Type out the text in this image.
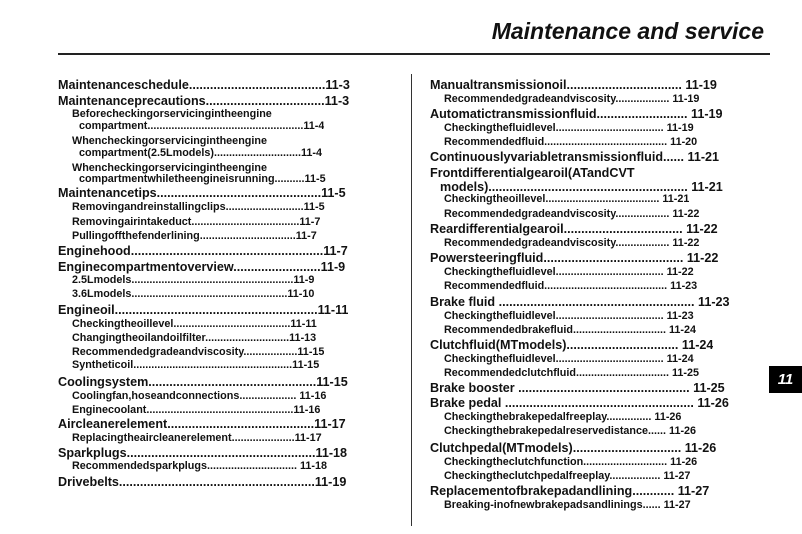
Maintenance and service
11
Maintenanceschedule.......................................11-3
Maintenanceprecautions..................................11-3
Beforecheckingorservicingintheengine
compartment....................................................11-4
Whencheckingorservicingintheengine
compartment(2.5Lmodels).............................11-4
Whencheckingorservicingintheengine
compartmentwhiletheengineisrunning..........11-5
Maintenancetips...............................................11-5
Removingandreinstallingclips..........................11-5
Removingairintakeduct....................................11-7
Pullingoffthefenderlining................................11-7
Enginehood.......................................................11-7
Enginecompartmentoverview.........................11-9
2.5Lmodels......................................................11-9
3.6Lmodels....................................................11-10
Engineoil..........................................................11-11
Checkingtheoillevel.......................................11-11
Changingtheoilandoilfilter............................11-13
Recommendedgradeandviscosity..................11-15
Syntheticoil.....................................................11-15
Coolingsystem................................................11-15
Coolingfan,hoseandconnections................... 11-16
Enginecoolant.................................................11-16
Aircleanerelement..........................................11-17
Replacingtheaircleanerelement.....................11-17
Sparkplugs......................................................11-18
Recommendedsparkplugs.............................. 11-18
Drivebelts........................................................11-19
Manualtransmissionoil................................. 11-19
Recommendedgradeandviscosity.................. 11-19
Automatictransmissionfluid.......................... 11-19
Checkingthefluidlevel.................................... 11-19
Recommendedfluid......................................... 11-20
Continuouslyvariabletransmissionfluid...... 11-21
Frontdifferentialgearoil(ATandCVT
models)......................................................... 11-21
Checkingtheoillevel...................................... 11-21
Recommendedgradeandviscosity.................. 11-22
Reardifferentialgearoil.................................. 11-22
Recommendedgradeandviscosity.................. 11-22
Powersteeringfluid........................................ 11-22
Checkingthefluidlevel.................................... 11-22
Recommendedfluid......................................... 11-23
Brake fluid ........................................................ 11-23
Checkingthefluidlevel.................................... 11-23
Recommendedbrakefluid............................... 11-24
Clutchfluid(MTmodels)................................ 11-24
Checkingthefluidlevel.................................... 11-24
Recommendedclutchfluid............................... 11-25
Brake booster ................................................. 11-25
Brake pedal ...................................................... 11-26
Checkingthebrakepedalfreeplay............... 11-26
Checkingthebrakepedalreservedistance...... 11-26
Clutchpedal(MTmodels)............................... 11-26
Checkingtheclutchfunction............................ 11-26
Checkingtheclutchpedalfreeplay................. 11-27
Replacementofbrakepadandlining............ 11-27
Breaking-inofnewbrakepadsandlinings...... 11-27
